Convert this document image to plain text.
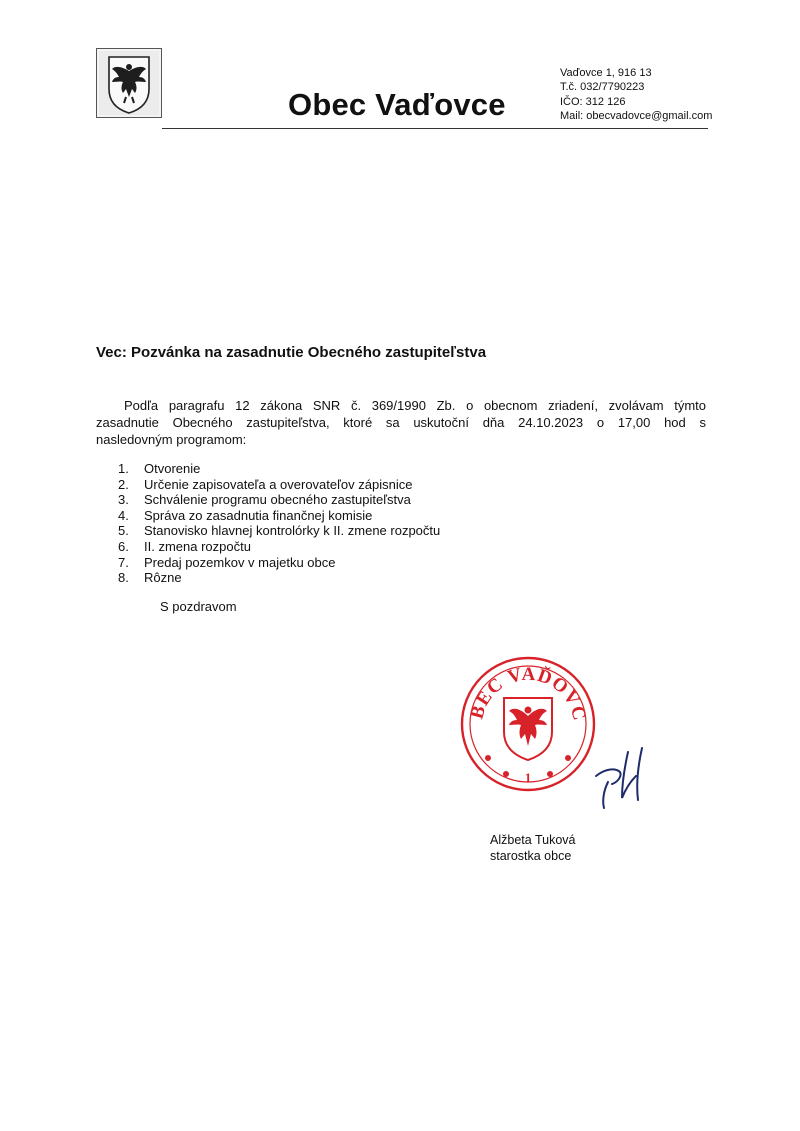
Obec Vaďovce
Vaďovce 1, 916 13
T.č. 032/7790223
IČO: 312 126
Mail: obecvadovce@gmail.com
Vec: Pozvánka na zasadnutie Obecného zastupiteľstva
Podľa paragrafu 12 zákona SNR č. 369/1990 Zb. o obecnom zriadení, zvolávam týmto
zasadnutie Obecného zastupiteľstva, ktoré sa uskutoční dňa 24.10.2023 o 17,00 hod s
nasledovným programom:
1.	Otvorenie
2.	Určenie zapisovateľa a overovateľov zápisnice
3.	Schválenie programu obecného zastupiteľstva
4.	Správa zo zasadnutia finančnej komisie
5.	Stanovisko hlavnej kontrolórky k II. zmene rozpočtu
6.	II. zmena rozpočtu
7.	Predaj pozemkov v majetku obce
8.	Rôzne
S pozdravom
BEC VAĎOVC
1
Alžbeta Tuková
starostka obce
